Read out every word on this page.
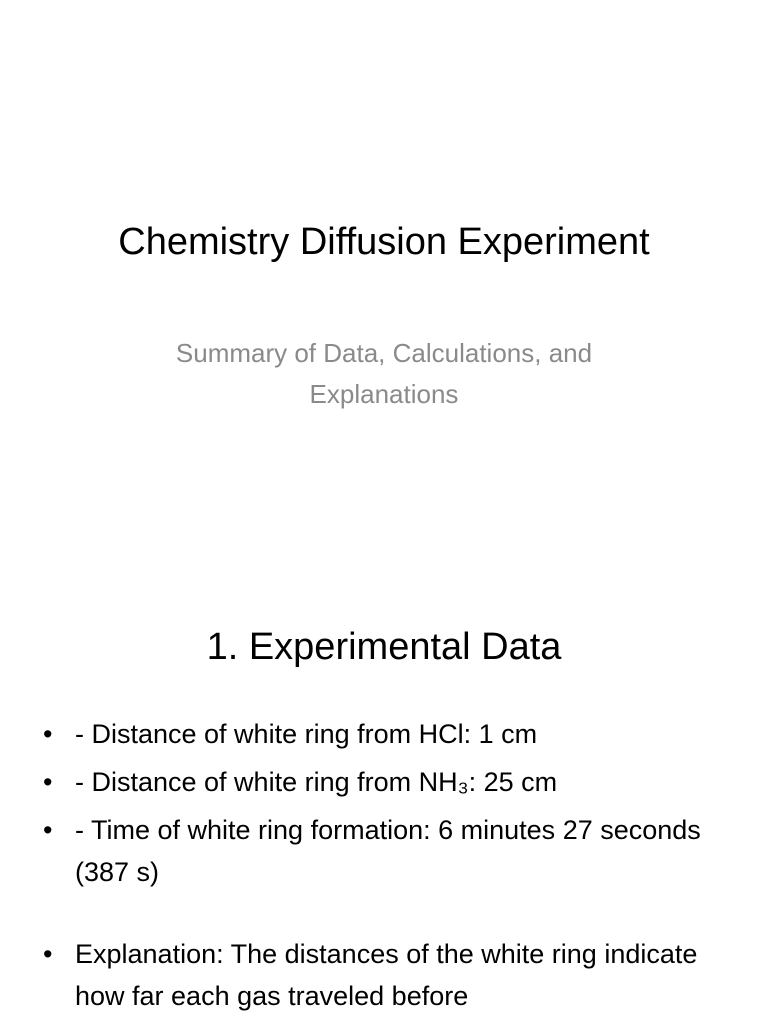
Chemistry Diffusion Experiment

Summary of Data, Calculations, and Explanations

1. Experimental Data
• - Distance of white ring from HCl: 1 cm
• - Distance of white ring from NH₃: 25 cm
• - Time of white ring formation: 6 minutes 27 seconds (387 s)
• Explanation: The distances of the white ring indicate how far each gas traveled before
